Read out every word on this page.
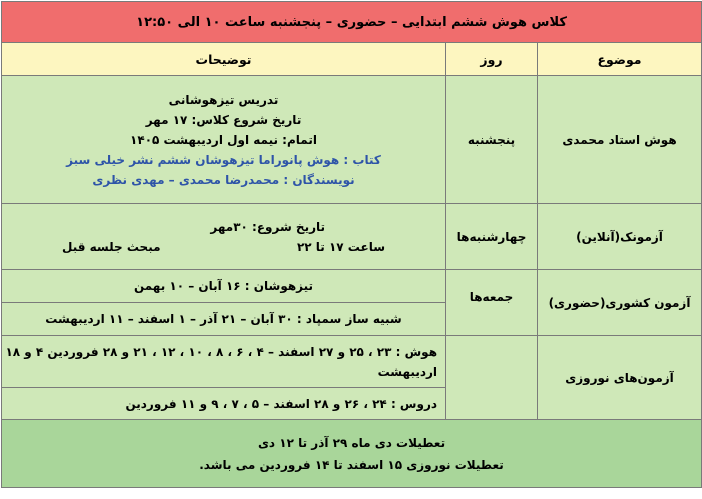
کلاس هوش ششم ابتدایی – حضوری – پنجشنبه ساعت ۱۰ الی ۱۲:۵۰		
موضوع	روز	توضیحات
هوش استاد محمدی	پنجشنبه	تدریس تیزهوشانی
تاریخ شروع کلاس: ۱۷ مهر
اتمام: نیمه اول اردیبهشت ۱۴۰۵
کتاب : هوش پانوراما تیزهوشان ششم نشر خیلی سبز
نویسندگان : محمدرضا محمدی – مهدی نظری

آزمونک(آنلاین)	چهارشنبه‌ها	تاریخ شروع: ۳۰مهر
ساعت ۱۷ تا ۲۲
مبحث جلسه قبل

آزمون کشوری(حضوری)	جمعه‌ها	تیزهوشان : ۱۶ آبان – ۱۰ بهمن
		شبیه ساز سمپاد : ۳۰ آبان – ۲۱ آذر – ۱ اسفند – ۱۱ اردیبهشت
آزمون‌های نوروزی		هوش : ۲۳ ، ۲۵ و ۲۷ اسفند – ۴ ، ۶ ، ۸ ، ۱۰ ، ۱۲ ، ۲۱ و ۲۸ فروردین ۴ و ۱۸ اردیبهشت
		دروس : ۲۴ ، ۲۶ و ۲۸ اسفند – ۵ ، ۷ ، ۹ و ۱۱ فروردین

تعطیلات دی ماه ۲۹ آذر تا ۱۲ دی
تعطیلات نوروزی ۱۵ اسفند تا ۱۴ فروردین می باشد.		
